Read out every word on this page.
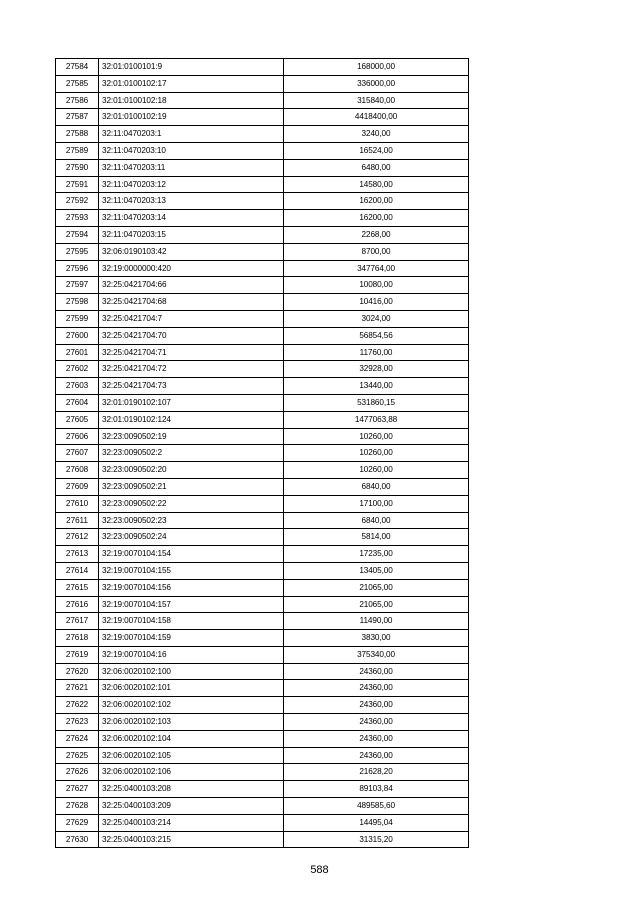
27584	32:01:0100101:9	168000,00
27585	32:01:0100102:17	336000,00
27586	32:01:0100102:18	315840,00
27587	32:01:0100102:19	4418400,00
27588	32:11:0470203:1	3240,00
27589	32:11:0470203:10	16524,00
27590	32:11:0470203:11	6480,00
27591	32:11:0470203:12	14580,00
27592	32:11:0470203:13	16200,00
27593	32:11:0470203:14	16200,00
27594	32:11:0470203:15	2268,00
27595	32:06:0190103:42	8700,00
27596	32:19:0000000:420	347764,00
27597	32:25:0421704:66	10080,00
27598	32:25:0421704:68	10416,00
27599	32:25:0421704:7	3024,00
27600	32:25:0421704:70	56854,56
27601	32:25:0421704:71	11760,00
27602	32:25:0421704:72	32928,00
27603	32:25:0421704:73	13440,00
27604	32:01:0190102:107	531860,15
27605	32:01:0190102:124	1477063,88
27606	32:23:0090502:19	10260,00
27607	32:23:0090502:2	10260,00
27608	32:23:0090502:20	10260,00
27609	32:23:0090502:21	6840,00
27610	32:23:0090502:22	17100,00
27611	32:23:0090502:23	6840,00
27612	32:23:0090502:24	5814,00
27613	32:19:0070104:154	17235,00
27614	32:19:0070104:155	13405,00
27615	32:19:0070104:156	21065,00
27616	32:19:0070104:157	21065,00
27617	32:19:0070104:158	11490,00
27618	32:19:0070104:159	3830,00
27619	32:19:0070104:16	375340,00
27620	32:06:0020102:100	24360,00
27621	32:06:0020102:101	24360,00
27622	32:06:0020102:102	24360,00
27623	32:06:0020102:103	24360,00
27624	32:06:0020102:104	24360,00
27625	32:06:0020102:105	24360,00
27626	32:06:0020102:106	21628,20
27627	32:25:0400103:208	89103,84
27628	32:25:0400103:209	489585,60
27629	32:25:0400103:214	14495,04
27630	32:25:0400103:215	31315,20
588
